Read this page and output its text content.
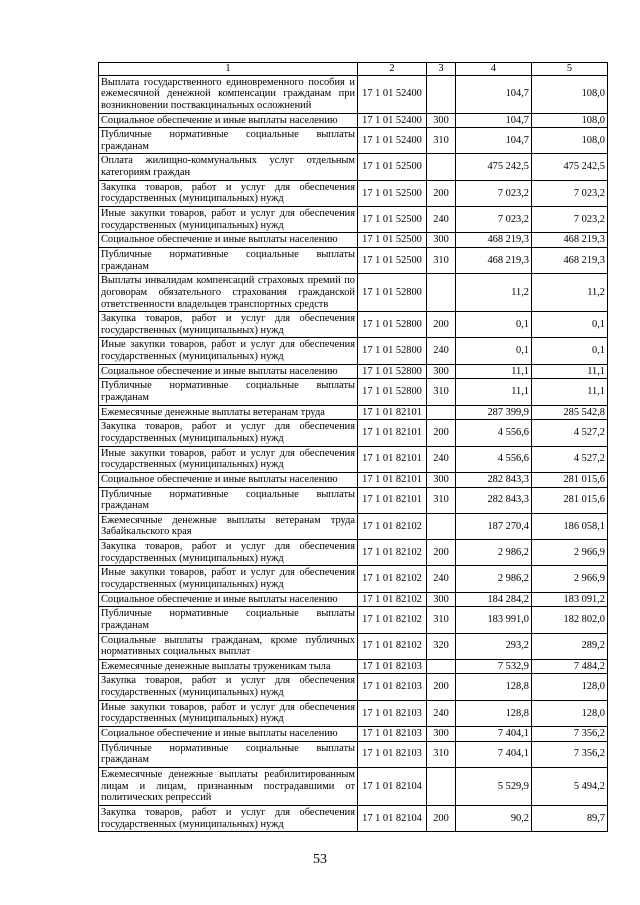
1	2	3	4	5
Выплата государственного единовременного пособия и ежемесячной денежной компенсации гражданам при возникновении поствакцинальных осложнений	17 1 01 52400		104,7	108,0
Социальное обеспечение и иные выплаты населению	17 1 01 52400	300	104,7	108,0
Публичные нормативные социальные выплаты гражданам	17 1 01 52400	310	104,7	108,0
Оплата жилищно-коммунальных услуг отдельным категориям граждан	17 1 01 52500		475 242,5	475 242,5
Закупка товаров, работ и услуг для обеспечения государственных (муниципальных) нужд	17 1 01 52500	200	7 023,2	7 023,2
Иные закупки товаров, работ и услуг для обеспечения государственных (муниципальных) нужд	17 1 01 52500	240	7 023,2	7 023,2
Социальное обеспечение и иные выплаты населению	17 1 01 52500	300	468 219,3	468 219,3
Публичные нормативные социальные выплаты гражданам	17 1 01 52500	310	468 219,3	468 219,3
Выплаты инвалидам компенсаций страховых премий по договорам обязательного страхования гражданской ответственности владельцев транспортных средств	17 1 01 52800		11,2	11,2
Закупка товаров, работ и услуг для обеспечения государственных (муниципальных) нужд	17 1 01 52800	200	0,1	0,1
Иные закупки товаров, работ и услуг для обеспечения государственных (муниципальных) нужд	17 1 01 52800	240	0,1	0,1
Социальное обеспечение и иные выплаты населению	17 1 01 52800	300	11,1	11,1
Публичные нормативные социальные выплаты гражданам	17 1 01 52800	310	11,1	11,1
Ежемесячные денежные выплаты ветеранам труда	17 1 01 82101		287 399,9	285 542,8
Закупка товаров, работ и услуг для обеспечения государственных (муниципальных) нужд	17 1 01 82101	200	4 556,6	4 527,2
Иные закупки товаров, работ и услуг для обеспечения государственных (муниципальных) нужд	17 1 01 82101	240	4 556,6	4 527,2
Социальное обеспечение и иные выплаты населению	17 1 01 82101	300	282 843,3	281 015,6
Публичные нормативные социальные выплаты гражданам	17 1 01 82101	310	282 843,3	281 015,6
Ежемесячные денежные выплаты ветеранам труда Забайкальского края	17 1 01 82102		187 270,4	186 058,1
Закупка товаров, работ и услуг для обеспечения государственных (муниципальных) нужд	17 1 01 82102	200	2 986,2	2 966,9
Иные закупки товаров, работ и услуг для обеспечения государственных (муниципальных) нужд	17 1 01 82102	240	2 986,2	2 966,9
Социальное обеспечение и иные выплаты населению	17 1 01 82102	300	184 284,2	183 091,2
Публичные нормативные социальные выплаты гражданам	17 1 01 82102	310	183 991,0	182 802,0
Социальные выплаты гражданам, кроме публичных нормативных социальных выплат	17 1 01 82102	320	293,2	289,2
Ежемесячные денежные выплаты труженикам тыла	17 1 01 82103		7 532,9	7 484,2
Закупка товаров, работ и услуг для обеспечения государственных (муниципальных) нужд	17 1 01 82103	200	128,8	128,0
Иные закупки товаров, работ и услуг для обеспечения государственных (муниципальных) нужд	17 1 01 82103	240	128,8	128,0
Социальное обеспечение и иные выплаты населению	17 1 01 82103	300	7 404,1	7 356,2
Публичные нормативные социальные выплаты гражданам	17 1 01 82103	310	7 404,1	7 356,2
Ежемесячные денежные выплаты реабилитированным лицам и лицам, признанным пострадавшими от политических репрессий	17 1 01 82104		5 529,9	5 494,2
Закупка товаров, работ и услуг для обеспечения государственных (муниципальных) нужд	17 1 01 82104	200	90,2	89,7
53
